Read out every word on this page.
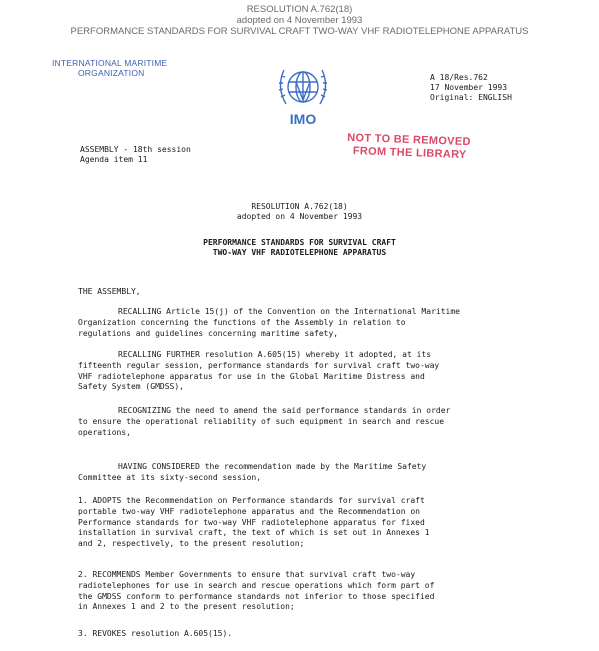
RESOLUTION A.762(18)
adopted on 4 November 1993
PERFORMANCE STANDARDS FOR SURVIVAL CRAFT TWO-WAY VHF RADIOTELEPHONE APPARATUS
INTERNATIONAL MARITIME
ORGANIZATION
IMO
A 18/Res.762
17 November 1993
Original: ENGLISH
NOT TO BE REMOVED
FROM THE LIBRARY
ASSEMBLY - 18th session
Agenda item 11
RESOLUTION A.762(18)
adopted on 4 November 1993
PERFORMANCE STANDARDS FOR SURVIVAL CRAFT
TWO-WAY VHF RADIOTELEPHONE APPARATUS
THE ASSEMBLY,
RECALLING Article 15(j) of the Convention on the International Maritime
Organization concerning the functions of the Assembly in relation to
regulations and guidelines concerning maritime safety,
RECALLING FURTHER resolution A.605(15) whereby it adopted, at its
fifteenth regular session, performance standards for survival craft two-way
VHF radiotelephone apparatus for use in the Global Maritime Distress and
Safety System (GMDSS),
RECOGNIZING the need to amend the said performance standards in order
to ensure the operational reliability of such equipment in search and rescue
operations,
HAVING CONSIDERED the recommendation made by the Maritime Safety
Committee at its sixty-second session,
1. ADOPTS the Recommendation on Performance standards for survival craft
portable two-way VHF radiotelephone apparatus and the Recommendation on
Performance standards for two-way VHF radiotelephone apparatus for fixed
installation in survival craft, the text of which is set out in Annexes 1
and 2, respectively, to the present resolution;
2. RECOMMENDS Member Governments to ensure that survival craft two-way
radiotelephones for use in search and rescue operations which form part of
the GMDSS conform to performance standards not inferior to those specified
in Annexes 1 and 2 to the present resolution;
3. REVOKES resolution A.605(15).
